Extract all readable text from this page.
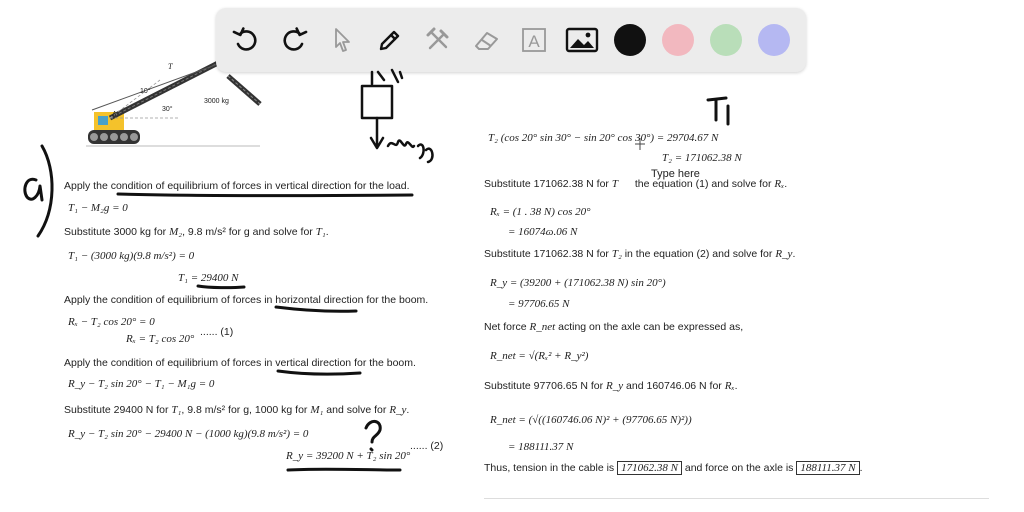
T
A
10°
30°
3000 kg
A
Apply the condition of equilibrium of forces in vertical direction for the load.
T₁ − M₂g = 0
Substitute 3000 kg for M₂, 9.8 m/s² for g and solve for T₁.
T₁ − (3000 kg)(9.8 m/s²) = 0
T₁ = 29400 N
Apply the condition of equilibrium of forces in horizontal direction for the boom.
Rₓ − T₂ cos 20° = 0
Rₓ = T₂ cos 20°
...... (1)
Apply the condition of equilibrium of forces in vertical direction for the boom.
R_y − T₂ sin 20° − T₁ − M₁g = 0
Substitute 29400 N for T₁, 9.8 m/s² for g, 1000 kg for M₁ and solve for R_y.
R_y − T₂ sin 20° − 29400 N − (1000 kg)(9.8 m/s²) = 0
R_y = 39200 N + T₂ sin 20°
...... (2)
T₂ (cos 20° sin 30° − sin 20° cos 30°) = 29704.67 N
T₂ = 171062.38 N
Type here
Substitute 171062.38 N for T the equation (1) and solve for Rₓ.
Rₓ = (1 . 38 N) cos 20°
= 16074ɷ.06 N
Substitute 171062.38 N for T₂ in the equation (2) and solve for R_y.
R_y = (39200 + (171062.38 N) sin 20°)
= 97706.65 N
Net force R_net acting on the axle can be expressed as,
R_net = √(Rₓ² + R_y²)
Substitute 97706.65 N for R_y and 160746.06 N for Rₓ.
R_net = (√((160746.06 N)² + (97706.65 N)²))
= 188111.37 N
Thus, tension in the cable is 171062.38 N and force on the axle is 188111.37 N .
